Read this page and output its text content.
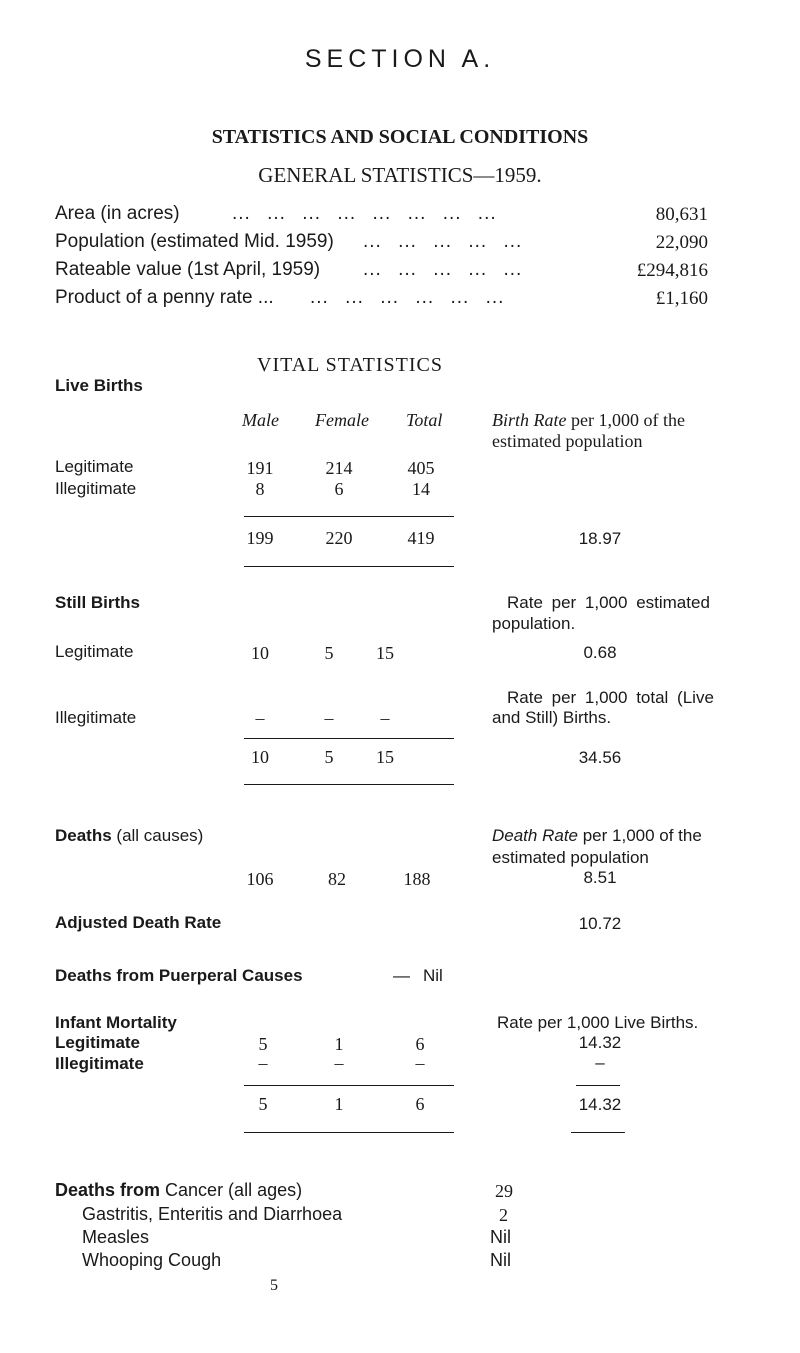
SECTION A.
STATISTICS AND SOCIAL CONDITIONS
GENERAL STATISTICS—1959.
Area (in acres)	... ... ... ... ... ... ... ...	80,631
Population (estimated Mid. 1959) ... ... ... ... ...	22,090
Rateable value (1st April, 1959) ... ... ... ... ...	£294,816
Product of a penny rate ... ... ... ... ... ... ...	£1,160
VITAL STATISTICS
Live Births
Male Female Total	Birth Rate per 1,000 of the
estimated population
Legitimate	191	214	405
Illegitimate	8	6	14
199	220	419	18.97
Still Births	Rate per 1,000 estimated
population.
Legitimate	10	5	15	0.68
Rate per 1,000 total (Live
Illegitimate	–	–	–	and Still) Births.
10	5	15	34.56
Deaths (all causes)	Death Rate per 1,000 of the
estimated population
106	82	188	8.51
Adjusted Death Rate	10.72
Deaths from Puerperal Causes	— Nil
Infant Mortality	Rate per 1,000 Live Births.
Legitimate	5	1	6	14.32
Illegitimate	–	–	–	–
5	1	6	14.32
Deaths from Cancer (all ages)	29
Gastritis, Enteritis and Diarrhoea	2
Measles	Nil
Whooping Cough	Nil
5
